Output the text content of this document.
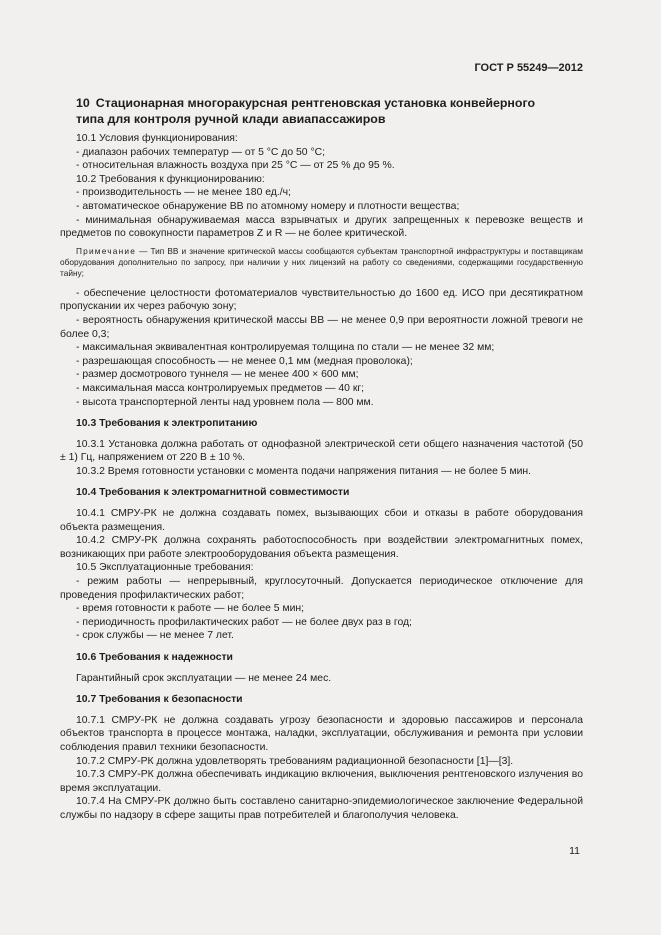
ГОСТ Р 55249—2012
10 Стационарная многоракурсная рентгеновская установка конвейерного
типа для контроля ручной клади авиапассажиров

10.1 Условия функционирования:

- диапазон рабочих температур — от 5 °С до 50 °С;

- относительная влажность воздуха при 25 °С — от 25 % до 95 %.

10.2 Требования к функционированию:

- производительность — не менее 180 ед./ч;

- автоматическое обнаружение ВВ по атомному номеру и плотности вещества;

- минимальная обнаруживаемая масса взрывчатых и других запрещенных к перевозке веществ и предметов по совокупности параметров Z и R — не более критической.

Примечание — Тип ВВ и значение критической массы сообщаются субъектам транспортной инфраструктуры и поставщикам оборудования дополнительно по запросу, при наличии у них лицензий на работу со сведениями, содержащими государственную тайну;

- обеспечение целостности фотоматериалов чувствительностью до 1600 ед. ИСО при десятикратном пропускании их через рабочую зону;

- вероятность обнаружения критической массы ВВ — не менее 0,9 при вероятности ложной тревоги не более 0,3;

- максимальная эквивалентная контролируемая толщина по стали — не менее 32 мм;

- разрешающая способность — не менее 0,1 мм (медная проволока);

- размер досмотрового туннеля — не менее 400 × 600 мм;

- максимальная масса контролируемых предметов — 40 кг;

- высота транспортерной ленты над уровнем пола — 800 мм.

10.3 Требования к электропитанию

10.3.1 Установка должна работать от однофазной электрической сети общего назначения частотой (50 ± 1) Гц, напряжением от 220 В ± 10 %.

10.3.2 Время готовности установки с момента подачи напряжения питания — не более 5 мин.

10.4 Требования к электромагнитной совместимости

10.4.1 СМРУ-РК не должна создавать помех, вызывающих сбои и отказы в работе оборудования объекта размещения.

10.4.2 СМРУ-РК должна сохранять работоспособность при воздействии электромагнитных помех, возникающих при работе электрооборудования объекта размещения.

10.5 Эксплуатационные требования:

- режим работы — непрерывный, круглосуточный. Допускается периодическое отключение для проведения профилактических работ;

- время готовности к работе — не более 5 мин;

- периодичность профилактических работ — не более двух раз в год;

- срок службы — не менее 7 лет.

10.6 Требования к надежности

Гарантийный срок эксплуатации — не менее 24 мес.

10.7 Требования к безопасности

10.7.1 СМРУ-РК не должна создавать угрозу безопасности и здоровью пассажиров и персонала объектов транспорта в процессе монтажа, наладки, эксплуатации, обслуживания и ремонта при условии соблюдения правил техники безопасности.

10.7.2 СМРУ-РК должна удовлетворять требованиям радиационной безопасности [1]—[3].

10.7.3 СМРУ-РК должна обеспечивать индикацию включения, выключения рентгеновского излучения во время эксплуатации.

10.7.4 На СМРУ-РК должно быть составлено санитарно-эпидемиологическое заключение Федеральной службы по надзору в сфере защиты прав потребителей и благополучия человека.

11
